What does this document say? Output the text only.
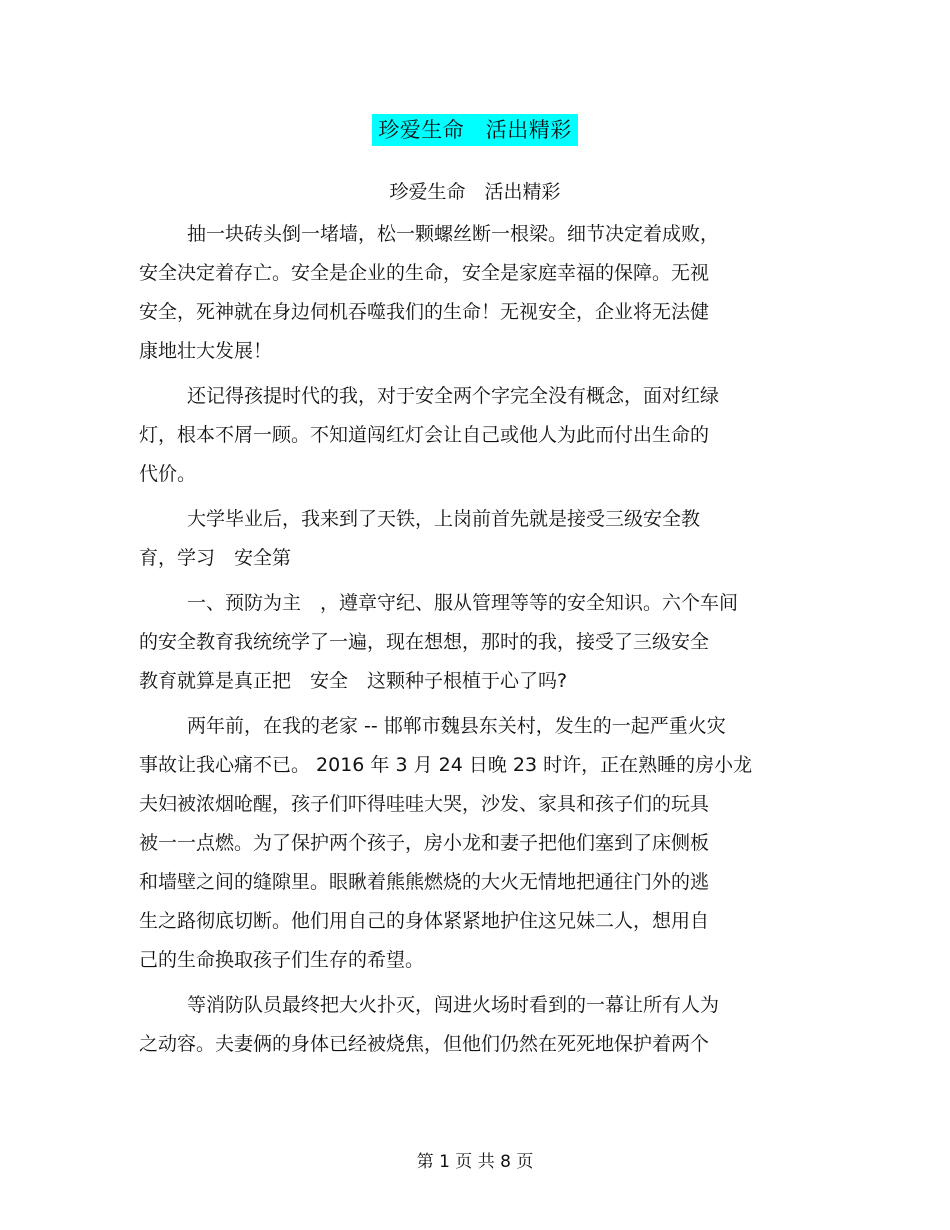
珍爱生命　活出精彩
珍爱生命　活出精彩
抽一块砖头倒一堵墙，松一颗螺丝断一根梁。细节决定着成败，
安全决定着存亡。安全是企业的生命，安全是家庭幸福的保障。无视
安全，死神就在身边伺机吞噬我们的生命！无视安全，企业将无法健
康地壮大发展！
还记得孩提时代的我，对于安全两个字完全没有概念，面对红绿
灯，根本不屑一顾。不知道闯红灯会让自己或他人为此而付出生命的
代价。
大学毕业后，我来到了天铁，上岗前首先就是接受三级安全教
育，学习　安全第
一、预防为主　，遵章守纪、服从管理等等的安全知识。六个车间
的安全教育我统统学了一遍，现在想想，那时的我，接受了三级安全
教育就算是真正把　安全　这颗种子根植于心了吗?
两年前，在我的老家 -- 邯郸市魏县东关村，发生的一起严重火灾
事故让我心痛不已。 2016 年 3 月 24 日晚 23 时许，正在熟睡的房小龙
夫妇被浓烟呛醒，孩子们吓得哇哇大哭，沙发、家具和孩子们的玩具
被一一点燃。为了保护两个孩子，房小龙和妻子把他们塞到了床侧板
和墙壁之间的缝隙里。眼瞅着熊熊燃烧的大火无情地把通往门外的逃
生之路彻底切断。他们用自己的身体紧紧地护住这兄妹二人，想用自
己的生命换取孩子们生存的希望。
等消防队员最终把大火扑灭，闯进火场时看到的一幕让所有人为
之动容。夫妻俩的身体已经被烧焦，但他们仍然在死死地保护着两个
第 1 页 共 8 页
